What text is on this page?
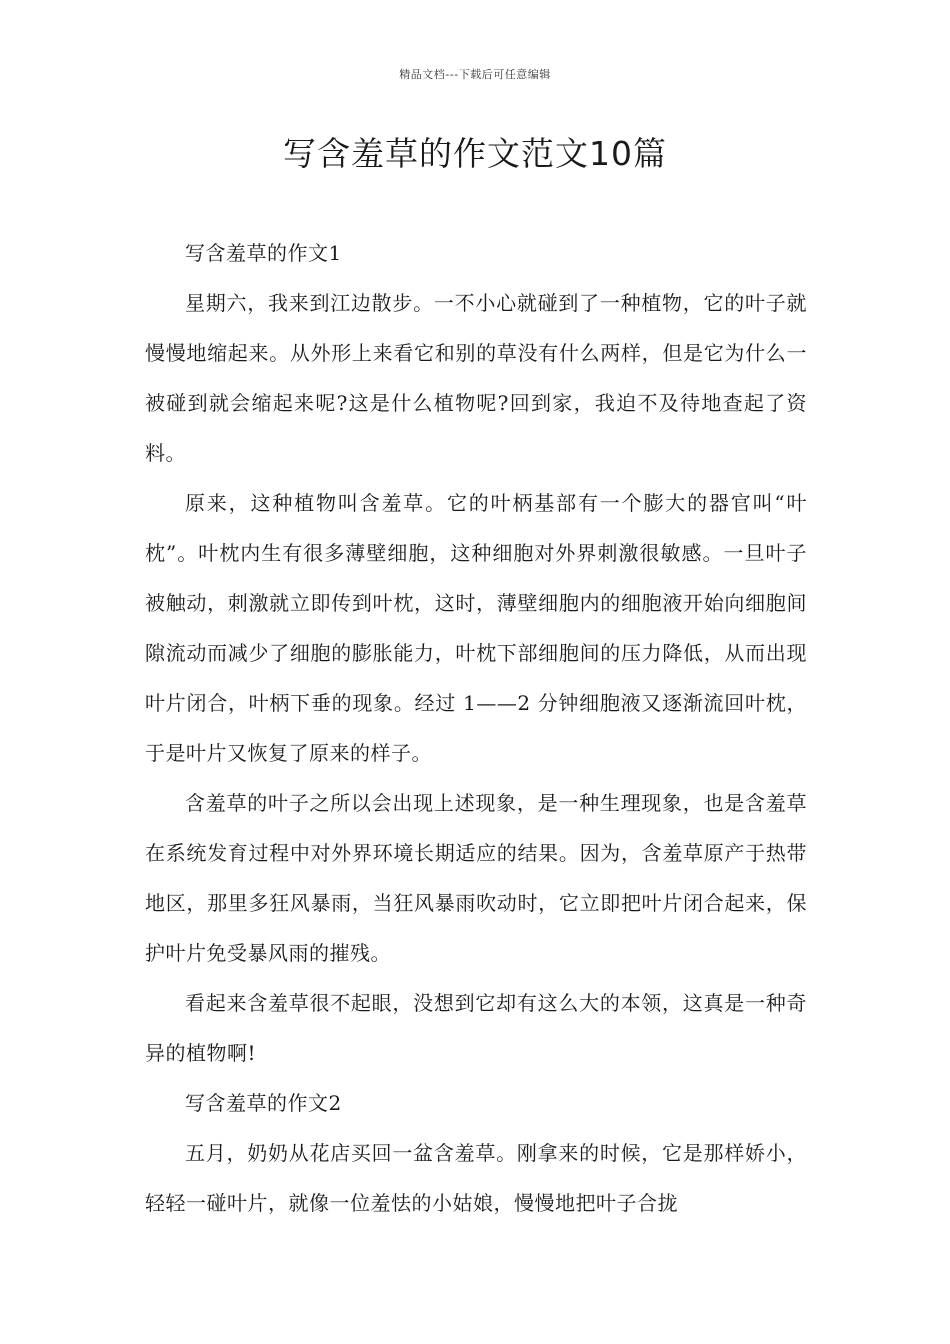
精品文档---下载后可任意编辑
写含羞草的作文范文10篇

写含羞草的作文1

星期六，我来到江边散步。一不小心就碰到了一种植物，它的叶子就慢慢地缩起来。从外形上来看它和别的草没有什么两样，但是它为什么一被碰到就会缩起来呢?这是什么植物呢?回到家，我迫不及待地查起了资料。

原来，这种植物叫含羞草。它的叶柄基部有一个膨大的器官叫“叶枕”。叶枕内生有很多薄壁细胞，这种细胞对外界刺激很敏感。一旦叶子被触动，刺激就立即传到叶枕，这时，薄壁细胞内的细胞液开始向细胞间隙流动而减少了细胞的膨胀能力，叶枕下部细胞间的压力降低，从而出现叶片闭合，叶柄下垂的现象。经过 1——2 分钟细胞液又逐渐流回叶枕，于是叶片又恢复了原来的样子。

含羞草的叶子之所以会出现上述现象，是一种生理现象，也是含羞草在系统发育过程中对外界环境长期适应的结果。因为，含羞草原产于热带地区，那里多狂风暴雨，当狂风暴雨吹动时，它立即把叶片闭合起来，保护叶片免受暴风雨的摧残。

看起来含羞草很不起眼，没想到它却有这么大的本领，这真是一种奇异的植物啊!

写含羞草的作文2

五月，奶奶从花店买回一盆含羞草。刚拿来的时候，它是那样娇小，轻轻一碰叶片，就像一位羞怯的小姑娘，慢慢地把叶子合拢
